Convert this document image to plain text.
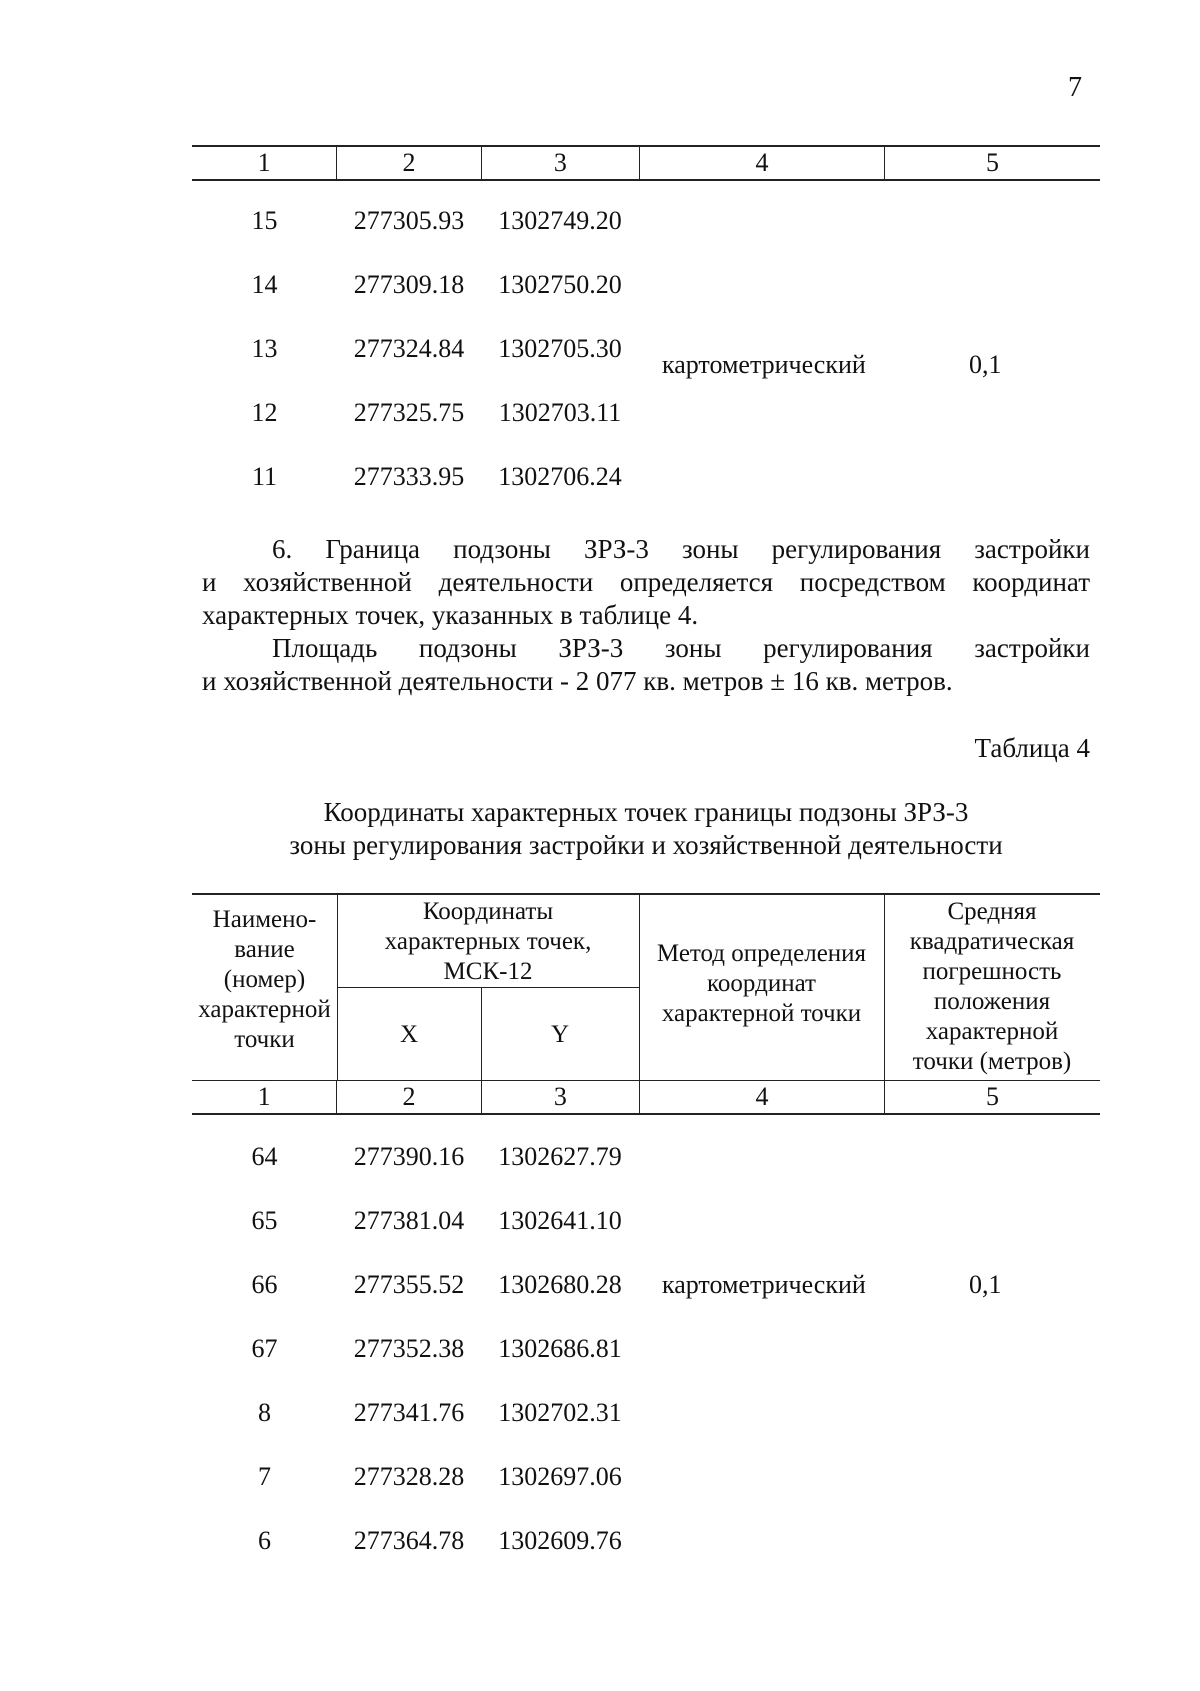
7
1	2	3	4	5
15	277305.93	1302749.20
14	277309.18	1302750.20
13	277324.84	1302705.30
12	277325.75	1302703.11
11	277333.95	1302706.24
картометрический	0,1
6. Граница подзоны ЗРЗ-3 зоны регулирования застройки
и хозяйственной деятельности определяется посредством координат
характерных точек, указанных в таблице 4.
Площадь подзоны ЗРЗ-3 зоны регулирования застройки
и хозяйственной деятельности - 2 077 кв. метров ± 16 кв. метров.
Таблица 4
Координаты характерных точек границы подзоны ЗРЗ-3
зоны регулирования застройки и хозяйственной деятельности
Наимено-
вание
(номер)
характерной
точки
Координаты
характерных точек,
МСК-12
X	Y
Метод определения
координат
характерной точки
Средняя
квадратическая
погрешность
положения
характерной
точки (метров)
1	2	3	4	5
64	277390.16	1302627.79
65	277381.04	1302641.10
66	277355.52	1302680.28
67	277352.38	1302686.81
8	277341.76	1302702.31
7	277328.28	1302697.06
6	277364.78	1302609.76
картометрический	0,1
